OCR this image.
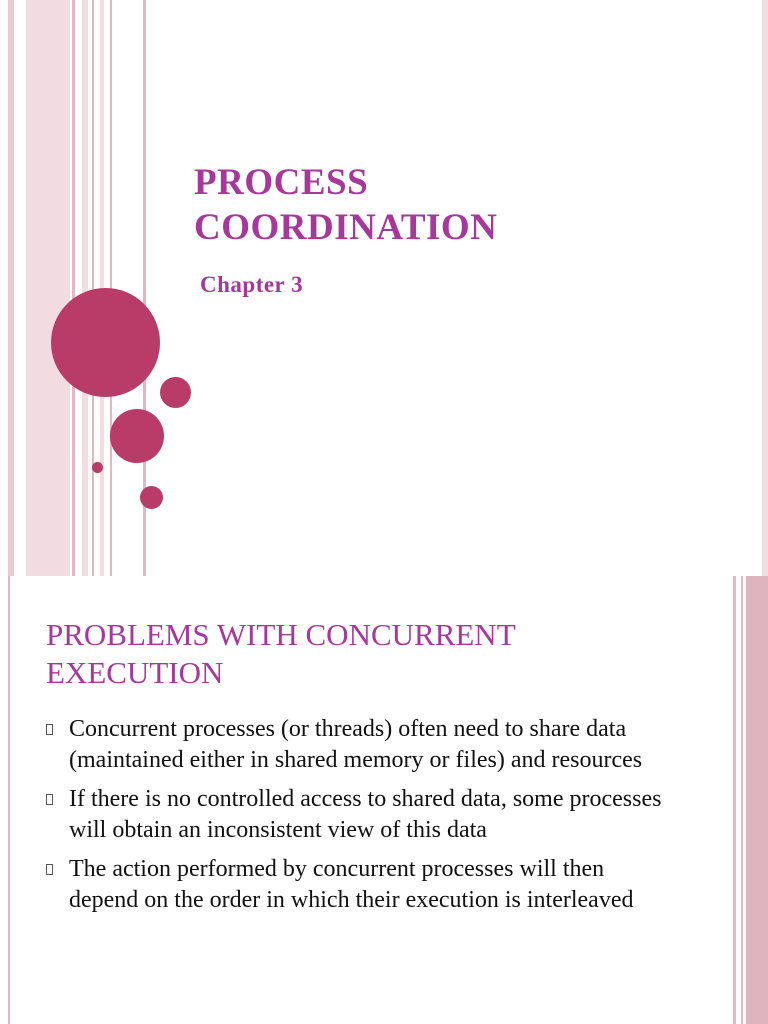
PROCESS
COORDINATION
Chapter 3
PROBLEMS WITH CONCURRENT
EXECUTION
Concurrent processes (or threads) often need to share data (maintained either in shared memory or files) and resources
If there is no controlled access to shared data, some processes will obtain an inconsistent view of this data
The action performed by concurrent processes will then depend on the order in which their execution is interleaved
